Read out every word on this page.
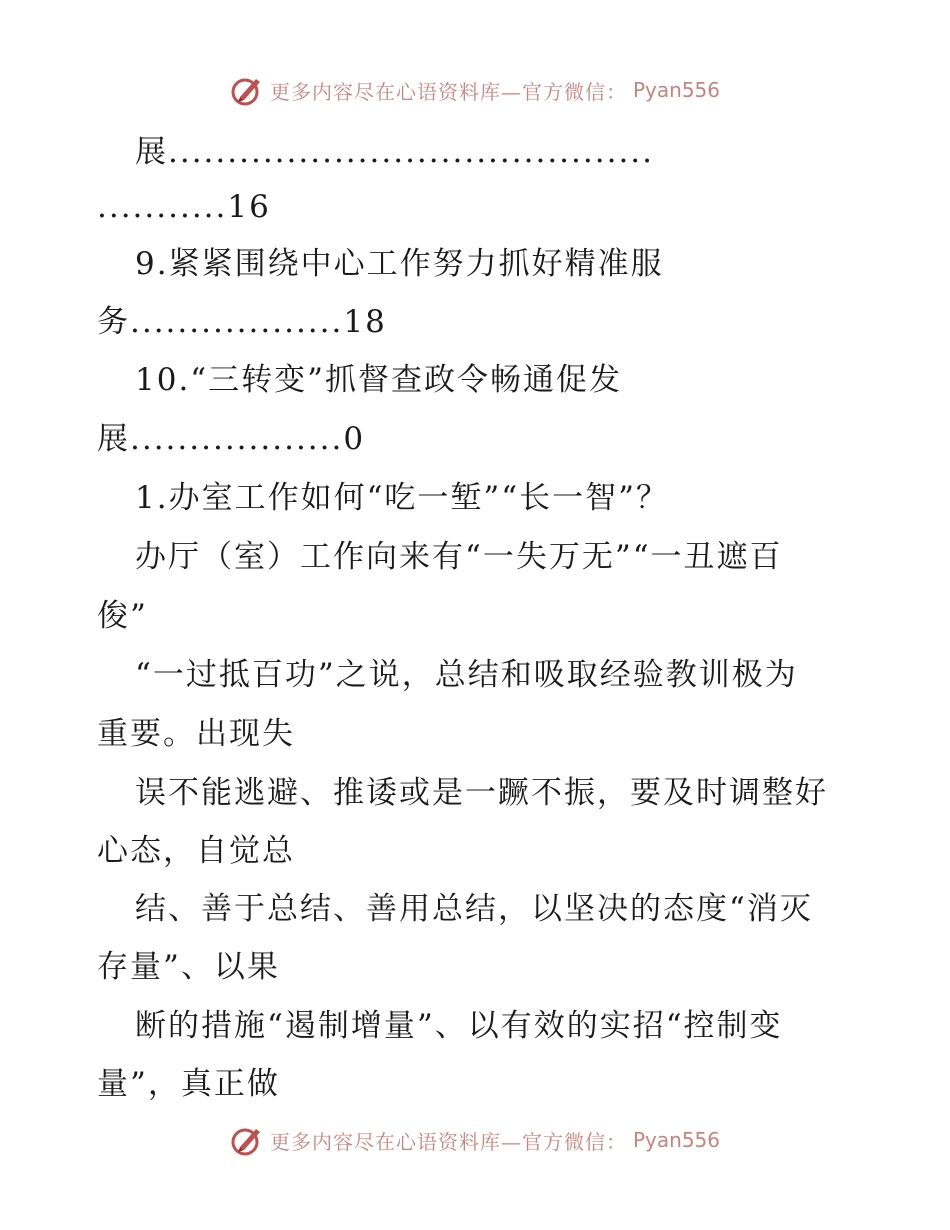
更多内容尽在心语资料库—官方微信： Pyan556
展.........................................
...........16
9.紧紧围绕中心工作努力抓好精准服
务..................18
10.“三转变”抓督查政令畅通促发
展..................0
1.办室工作如何“吃一堑”“长一智”？
办厅（室）工作向来有“一失万无”“一丑遮百
俊”
“一过抵百功”之说，总结和吸取经验教训极为
重要。出现失
误不能逃避、推诿或是一蹶不振，要及时调整好
心态，自觉总
结、善于总结、善用总结，以坚决的态度“消灭
存量”、以果
断的措施“遏制增量”、以有效的实招“控制变
量”，真正做
更多内容尽在心语资料库—官方微信： Pyan556
